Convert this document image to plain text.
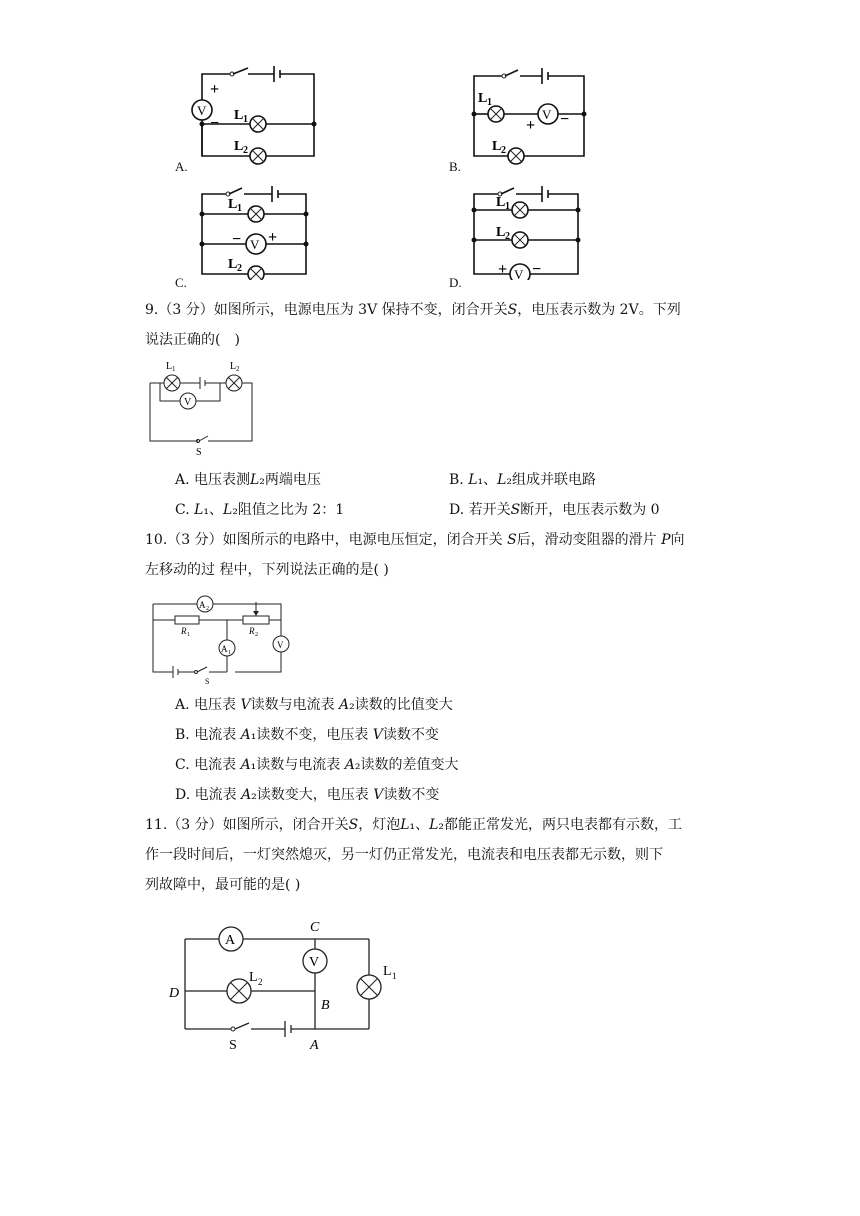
V
+
− L 1
L 2
A.
V
L 1
+ −
L 2
B.
L 1
V
− +
L 2
C.
L 1
L 2
V
+ −
D.
9.（3 分）如图所示，电源电压为 3V 保持不变，闭合开关𝑆，电压表示数为 2V。下列
说法正确的(　)
L 1	L 2
V
S
A. 电压表测𝐿₂两端电压	B. 𝐿₁、𝐿₂组成并联电路
C. 𝐿₁、𝐿₂阻值之比为 2：1	D. 若开关𝑆断开，电压表示数为 0
10.（3 分）如图所示的电路中，电源电压恒定，闭合开关 𝑆后，滑动变阻器的滑片 𝑃向
左移动的过 程中，下列说法正确的是( )
A 2
R 1	R 2
V
A 1
S
A. 电压表 𝑉读数与电流表 𝐴₂读数的比值变大
B. 电流表 𝐴₁读数不变，电压表 𝑉读数不变
C. 电流表 𝐴₁读数与电流表 𝐴₂读数的差值变大
D. 电流表 𝐴₂读数变大，电压表 𝑉读数不变
11.（3 分）如图所示，闭合开关𝑆，灯泡𝐿₁、𝐿₂都能正常发光，两只电表都有示数，工
作一段时间后，一灯突然熄灭，另一灯仍正常发光，电流表和电压表都无示数，则下
列故障中，最可能的是( )
A
L 1
L 2
V
C
D
B
A
S
